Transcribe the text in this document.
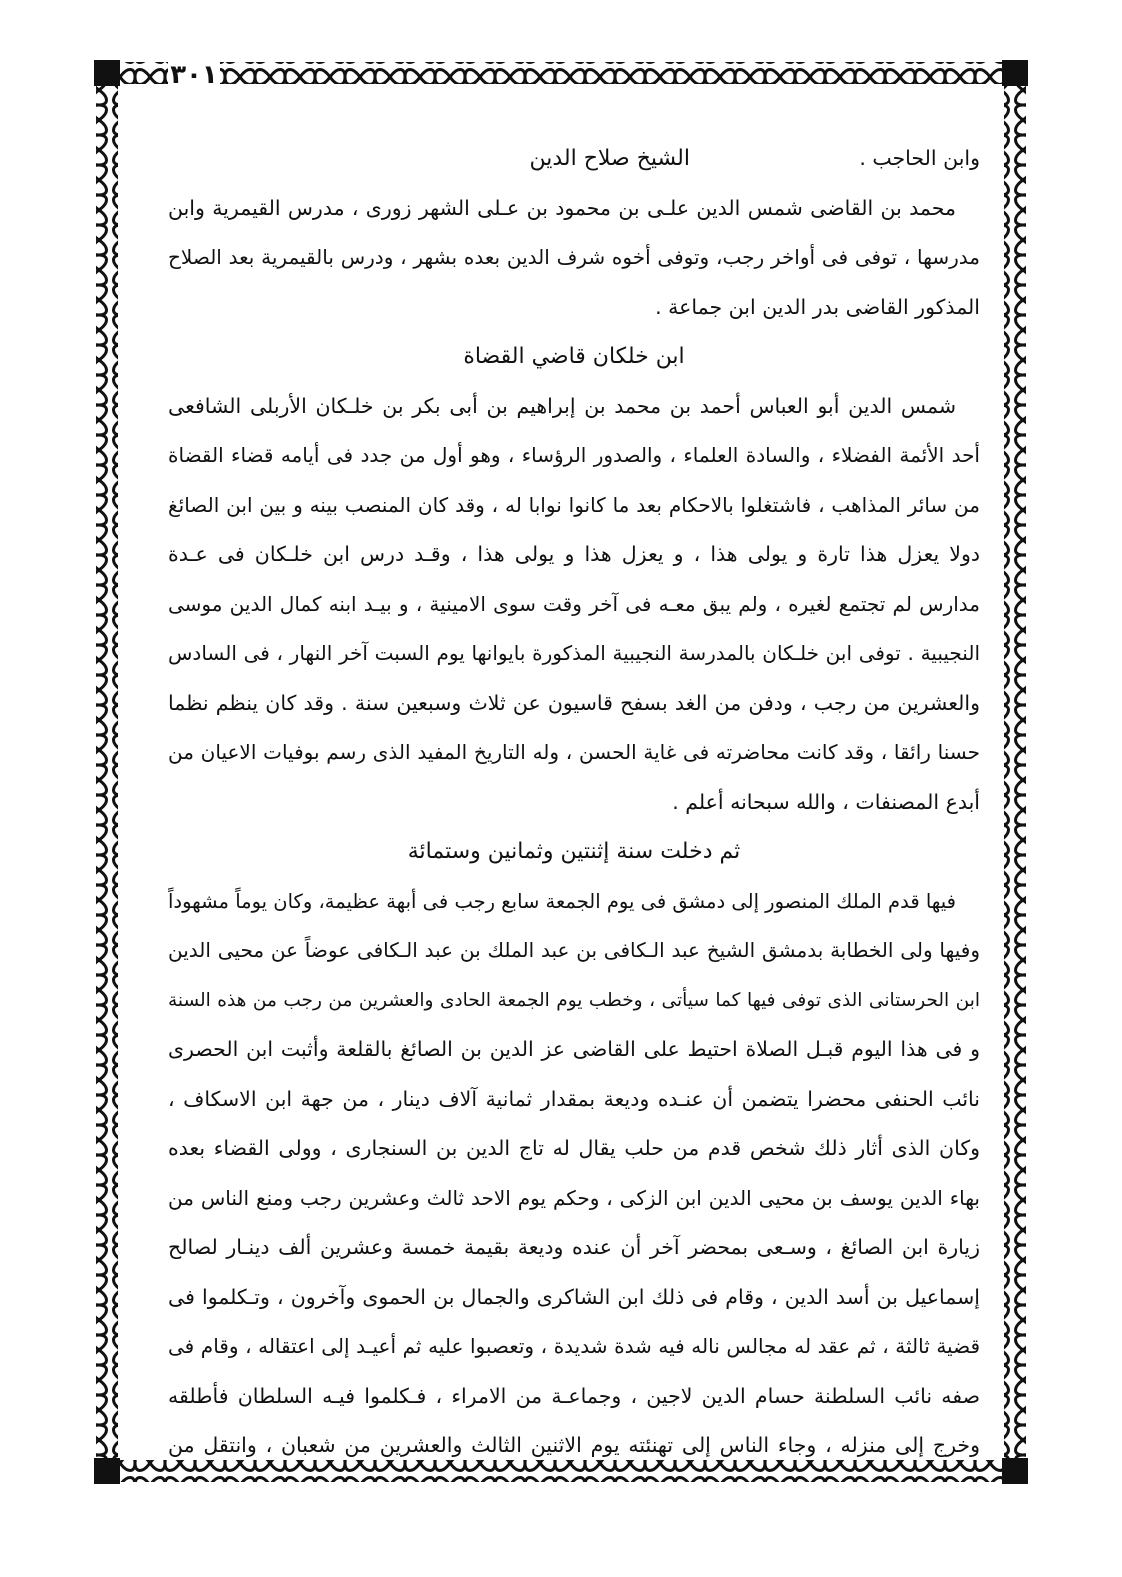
٣٠١
وابن الحاجب .
الشيخ صلاح الدين
محمد بن القاضى شمس الدين علـى بن محمود بن عـلى الشهر زورى ، مدرس القيمرية وابن
مدرسها ، توفى فى أواخر رجب، وتوفى أخوه شرف الدين بعده بشهر ، ودرس بالقيمرية بعد الصلاح
المذكور القاضى بدر الدين ابن جماعة .
ابن خلكان قاضي القضاة
شمس الدين أبو العباس أحمد بن محمد بن إبراهيم بن أبى بكر بن خلـكان الأربلى الشافعى
أحد الأئمة الفضلاء ، والسادة العلماء ، والصدور الرؤساء ، وهو أول من جدد فى أيامه قضاء القضاة
من سائر المذاهب ، فاشتغلوا بالاحكام بعد ما كانوا نوابا له ، وقد كان المنصب بينه و بين ابن الصائغ
دولا يعزل هذا تارة و يولى هذا ، و يعزل هذا و يولى هذا ، وقـد درس ابن خلـكان فى عـدة
مدارس لم تجتمع لغيره ، ولم يبق معـه فى آخر وقت سوى الامينية ، و بيـد ابنه كمال الدين موسى
النجيبية . توفى ابن خلـكان بالمدرسة النجيبية المذكورة بايوانها يوم السبت آخر النهار ، فى السادس
والعشرين من رجب ، ودفن من الغد بسفح قاسيون عن ثلاث وسبعين سنة . وقد كان ينظم نظما
حسنا رائقا ، وقد كانت محاضرته فى غاية الحسن ، وله التاريخ المفيد الذى رسم بوفيات الاعيان من
أبدع المصنفات ، والله سبحانه أعلم .
ثم دخلت سنة إثنتين وثمانين وستمائة
فيها قدم الملك المنصور إلى دمشق فى يوم الجمعة سابع رجب فى أبهة عظيمة، وكان يوماً مشهوداً
وفيها ولى الخطابة بدمشق الشيخ عبد الـكافى بن عبد الملك بن عبد الـكافى عوضاً عن محيى الدين
ابن الحرستانى الذى توفى فيها كما سيأتى ، وخطب يوم الجمعة الحادى والعشرين من رجب من هذه السنة
و فى هذا اليوم قبـل الصلاة احتيط على القاضى عز الدين بن الصائغ بالقلعة وأثبت ابن الحصرى
نائب الحنفى محضرا يتضمن أن عنـده وديعة بمقدار ثمانية آلاف دينار ، من جهة ابن الاسكاف ،
وكان الذى أثار ذلك شخص قدم من حلب يقال له تاج الدين بن السنجارى ، وولى القضاء بعده
بهاء الدين يوسف بن محيى الدين ابن الزكى ، وحكم يوم الاحد ثالث وعشرين رجب ومنع الناس من
زيارة ابن الصائغ ، وسـعى بمحضر آخر أن عنده وديعة بقيمة خمسة وعشرين ألف دينـار لصالح
إسماعيل بن أسد الدين ، وقام فى ذلك ابن الشاكرى والجمال بن الحموى وآخرون ، وتـكلموا فى
قضية ثالثة ، ثم عقد له مجالس ناله فيه شدة شديدة ، وتعصبوا عليه ثم أعيـد إلى اعتقاله ، وقام فى
صفه نائب السلطنة حسام الدين لاجين ، وجماعـة من الامراء ، فـكلموا فيـه السلطان فأطلقه
وخرج إلى منزله ، وجاء الناس إلى تهنئته يوم الاثنين الثالث والعشرين من شعبان ، وانتقل من
